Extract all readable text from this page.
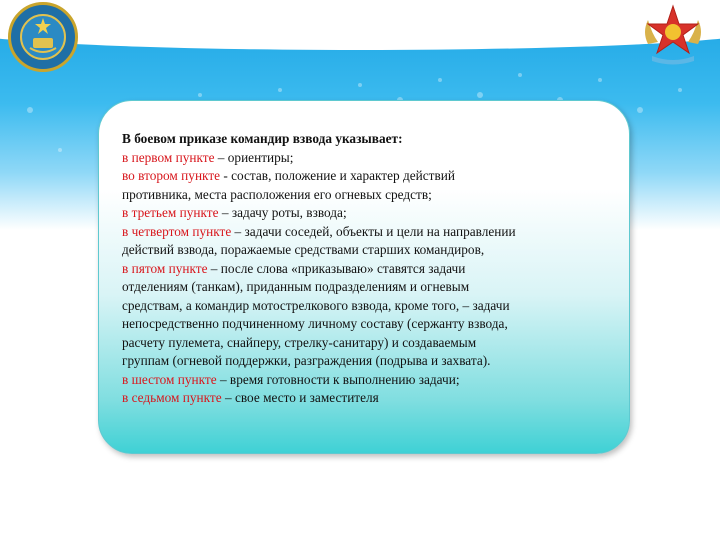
В боевом приказе командир взвода указывает:
в первом пункте – ориентиры;
во втором пункте - состав, положение и характер действий
противника, места расположения его огневых средств;
в третьем пункте – задачу роты, взвода;
в четвертом пункте – задачи соседей, объекты и цели на направлении
действий взвода, поражаемые средствами старших командиров,
в пятом пункте – после слова «приказываю» ставятся задачи
отделениям (танкам), приданным подразделениям и огневым
средствам, а командир мотострелкового взвода, кроме того, – задачи
непосредственно подчиненному личному составу (сержанту взвода,
расчету пулемета, снайперу, стрелку-санитару) и создаваемым
группам (огневой поддержки, разграждения (подрыва и захвата).
в шестом пункте – время готовности к выполнению задачи;
в седьмом пункте – свое место и заместителя
